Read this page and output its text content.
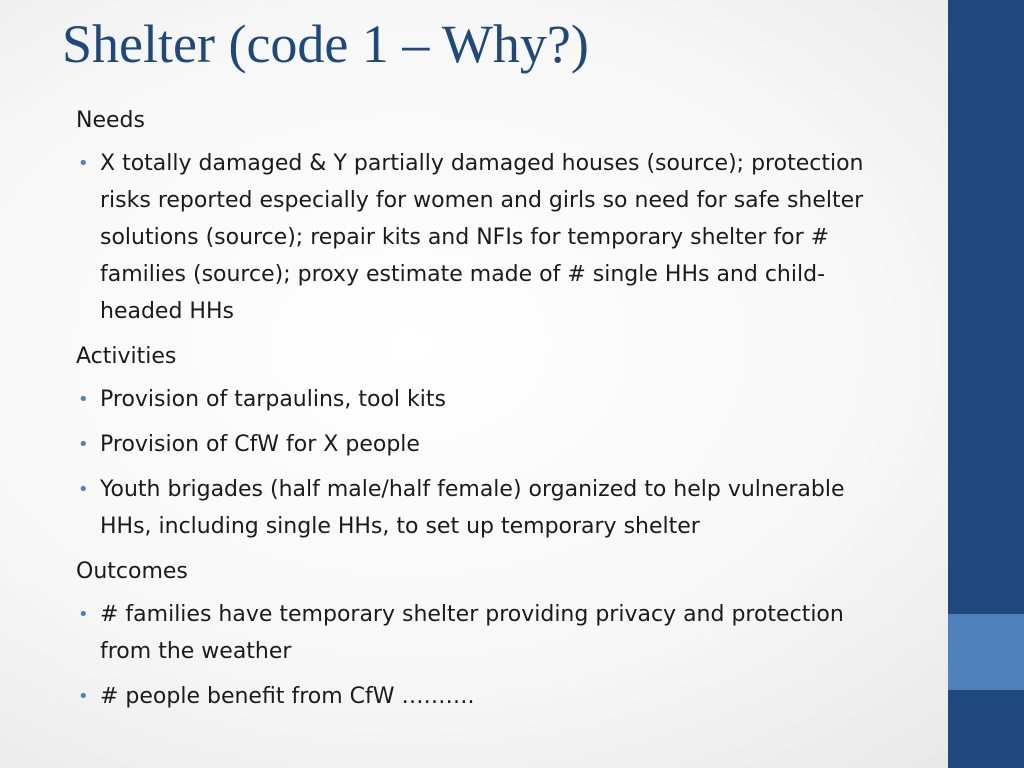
Shelter (code 1 – Why?)
Needs
• X totally damaged & Y partially damaged houses (source); protection risks reported especially for women and girls so need for safe shelter solutions (source); repair kits and NFIs for temporary shelter for # families (source); proxy estimate made of # single HHs and child-headed HHs
Activities
• Provision of tarpaulins, tool kits
• Provision of CfW for X people
• Youth brigades (half male/half female) organized to help vulnerable HHs, including single HHs, to set up temporary shelter
Outcomes
• # families have temporary shelter providing privacy and protection from the weather
• # people benefit from CfW ……….
